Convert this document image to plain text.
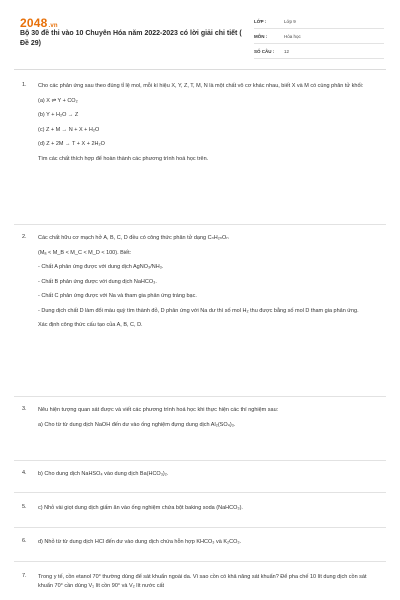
2048.vn
Bộ 30 đề thi vào 10 Chuyên Hóa năm 2022-2023 có lời giải chi tiết ( Đề 29)
LỚP :	Lớp 9
MÔN :	Hóa học
SỐ CÂU :	12
1. Cho các phản ứng sau theo đúng tỉ lệ mol, mỗi kí hiệu X, Y, Z, T, M, N là một chất vô cơ khác nhau, biết X và M có cùng phân tử khối:
(a) X ⇌ Y + CO₂
(b) Y + H₂O → Z
(c) Z + M → N + X + H₂O
(d) Z + 2M → T + X + 2H₂O
Tìm các chất thích hợp để hoàn thành các phương trình hoá học trên.
2. Các chất hữu cơ mạch hở A, B, C, D đều có công thức phân tử dạng CₙH₂ₙOₙ
(Mₐ < M_B < M_C < M_D < 100). Biết:
- Chất A phản ứng được với dung dịch AgNO₃/NH₃.
- Chất B phản ứng được với dung dịch NaHCO₃.
- Chất C phản ứng được với Na và tham gia phản ứng tráng bạc.
- Dung dịch chất D làm đổi màu quỳ tím thành đỏ, D phản ứng với Na dư thì số mol H₂ thu được bằng số mol D tham gia phản ứng.
Xác định công thức cấu tạo của A, B, C, D.
3. Nêu hiện tượng quan sát được và viết các phương trình hoá học khi thực hiện các thí nghiệm sau:
a) Cho từ từ dung dịch NaOH đến dư vào ống nghiệm đựng dung dịch Al₂(SO₄)₃.
4. b) Cho dung dịch NaHSO₄ vào dung dịch Ba(HCO₃)₂.
5. c) Nhỏ vài giọt dung dịch giấm ăn vào ống nghiệm chứa bột baking soda (NaHCO₃).
6. d) Nhỏ từ từ dung dịch HCl đến dư vào dung dịch chứa hỗn hợp KHCO₃ và K₂CO₃.
7. Trong y tế, cồn etanol 70° thường dùng để sát khuẩn ngoài da. Vì sao cồn có khả năng sát khuẩn? Để pha chế 10 lít dung dịch cồn sát khuẩn 70° cần dùng V₁ lít cồn 90° và V₂ lít nước cất
